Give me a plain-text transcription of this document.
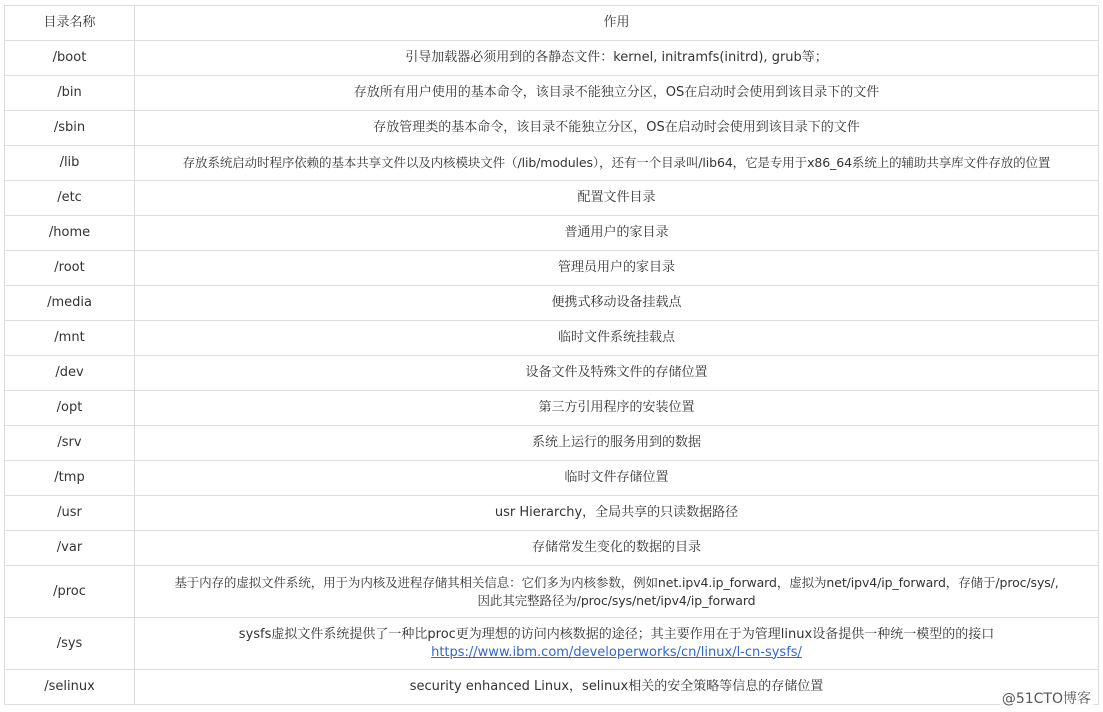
目录名称	作用
/boot	引导加载器必须用到的各静态文件：kernel, initramfs(initrd), grub等；
/bin	存放所有用户使用的基本命令，该目录不能独立分区，OS在启动时会使用到该目录下的文件
/sbin	存放管理类的基本命令，该目录不能独立分区，OS在启动时会使用到该目录下的文件
/lib	存放系统启动时程序依赖的基本共享文件以及内核模块文件（/lib/modules），还有一个目录叫/lib64，它是专用于x86_64系统上的辅助共享库文件存放的位置
/etc	配置文件目录
/home	普通用户的家目录
/root	管理员用户的家目录
/media	便携式移动设备挂载点
/mnt	临时文件系统挂载点
/dev	设备文件及特殊文件的存储位置
/opt	第三方引用程序的安装位置
/srv	系统上运行的服务用到的数据
/tmp	临时文件存储位置
/usr	usr Hierarchy，全局共享的只读数据路径
/var	存储常发生变化的数据的目录
/proc	基于内存的虚拟文件系统，用于为内核及进程存储其相关信息：它们多为内核参数，例如net.ipv4.ip_forward，虚拟为net/ipv4/ip_forward，存储于/proc/sys/,
因此其完整路径为/proc/sys/net/ipv4/ip_forward

/sys	sysfs虚拟文件系统提供了一种比proc更为理想的访问内核数据的途径；其主要作用在于为管理linux设备提供一种统一模型的的接口
https://www.ibm.com/developerworks/cn/linux/l-cn-sysfs/

/selinux	security enhanced Linux，selinux相关的安全策略等信息的存储位置
@51CTO博客
